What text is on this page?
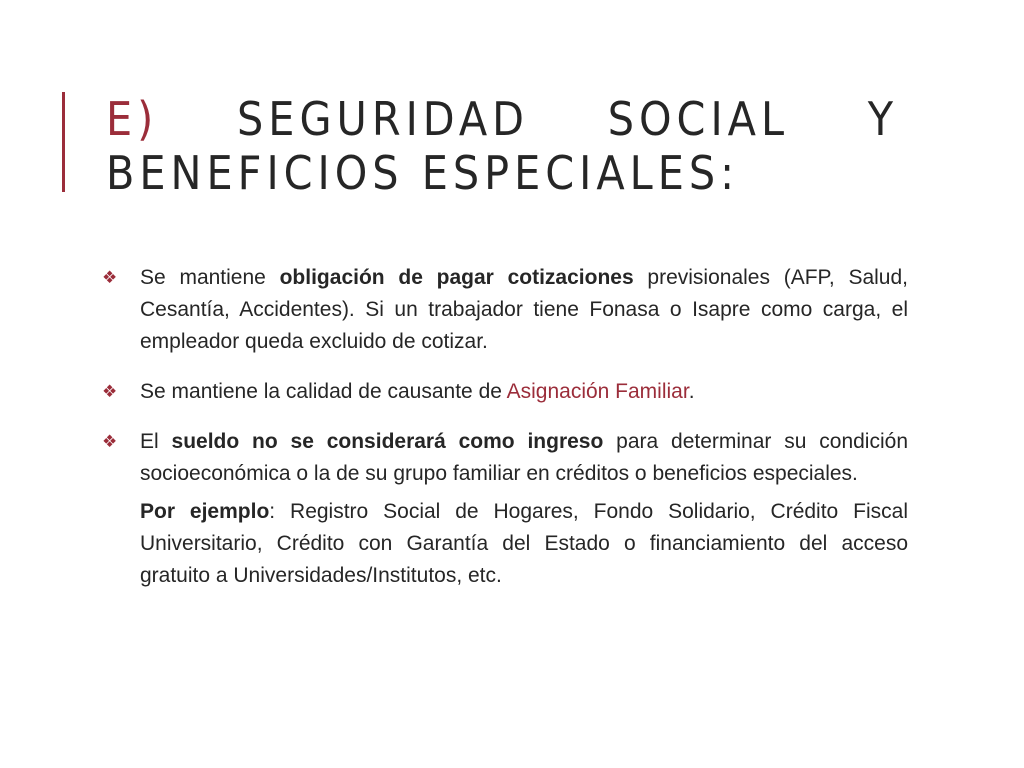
E) SEGURIDAD SOCIAL Y BENEFICIOS ESPECIALES:
❖	Se mantiene obligación de pagar cotizaciones previsionales (AFP, Salud, Cesantía, Accidentes). Si un trabajador tiene Fonasa o Isapre como carga, el empleador queda excluido de cotizar.
❖	Se mantiene la calidad de causante de Asignación Familiar.
❖	El sueldo no se considerará como ingreso para determinar su condición socioeconómica o la de su grupo familiar en créditos o beneficios especiales.
Por ejemplo: Registro Social de Hogares, Fondo Solidario, Crédito Fiscal Universitario, Crédito con Garantía del Estado o financiamiento del acceso gratuito a Universidades/Institutos, etc.
